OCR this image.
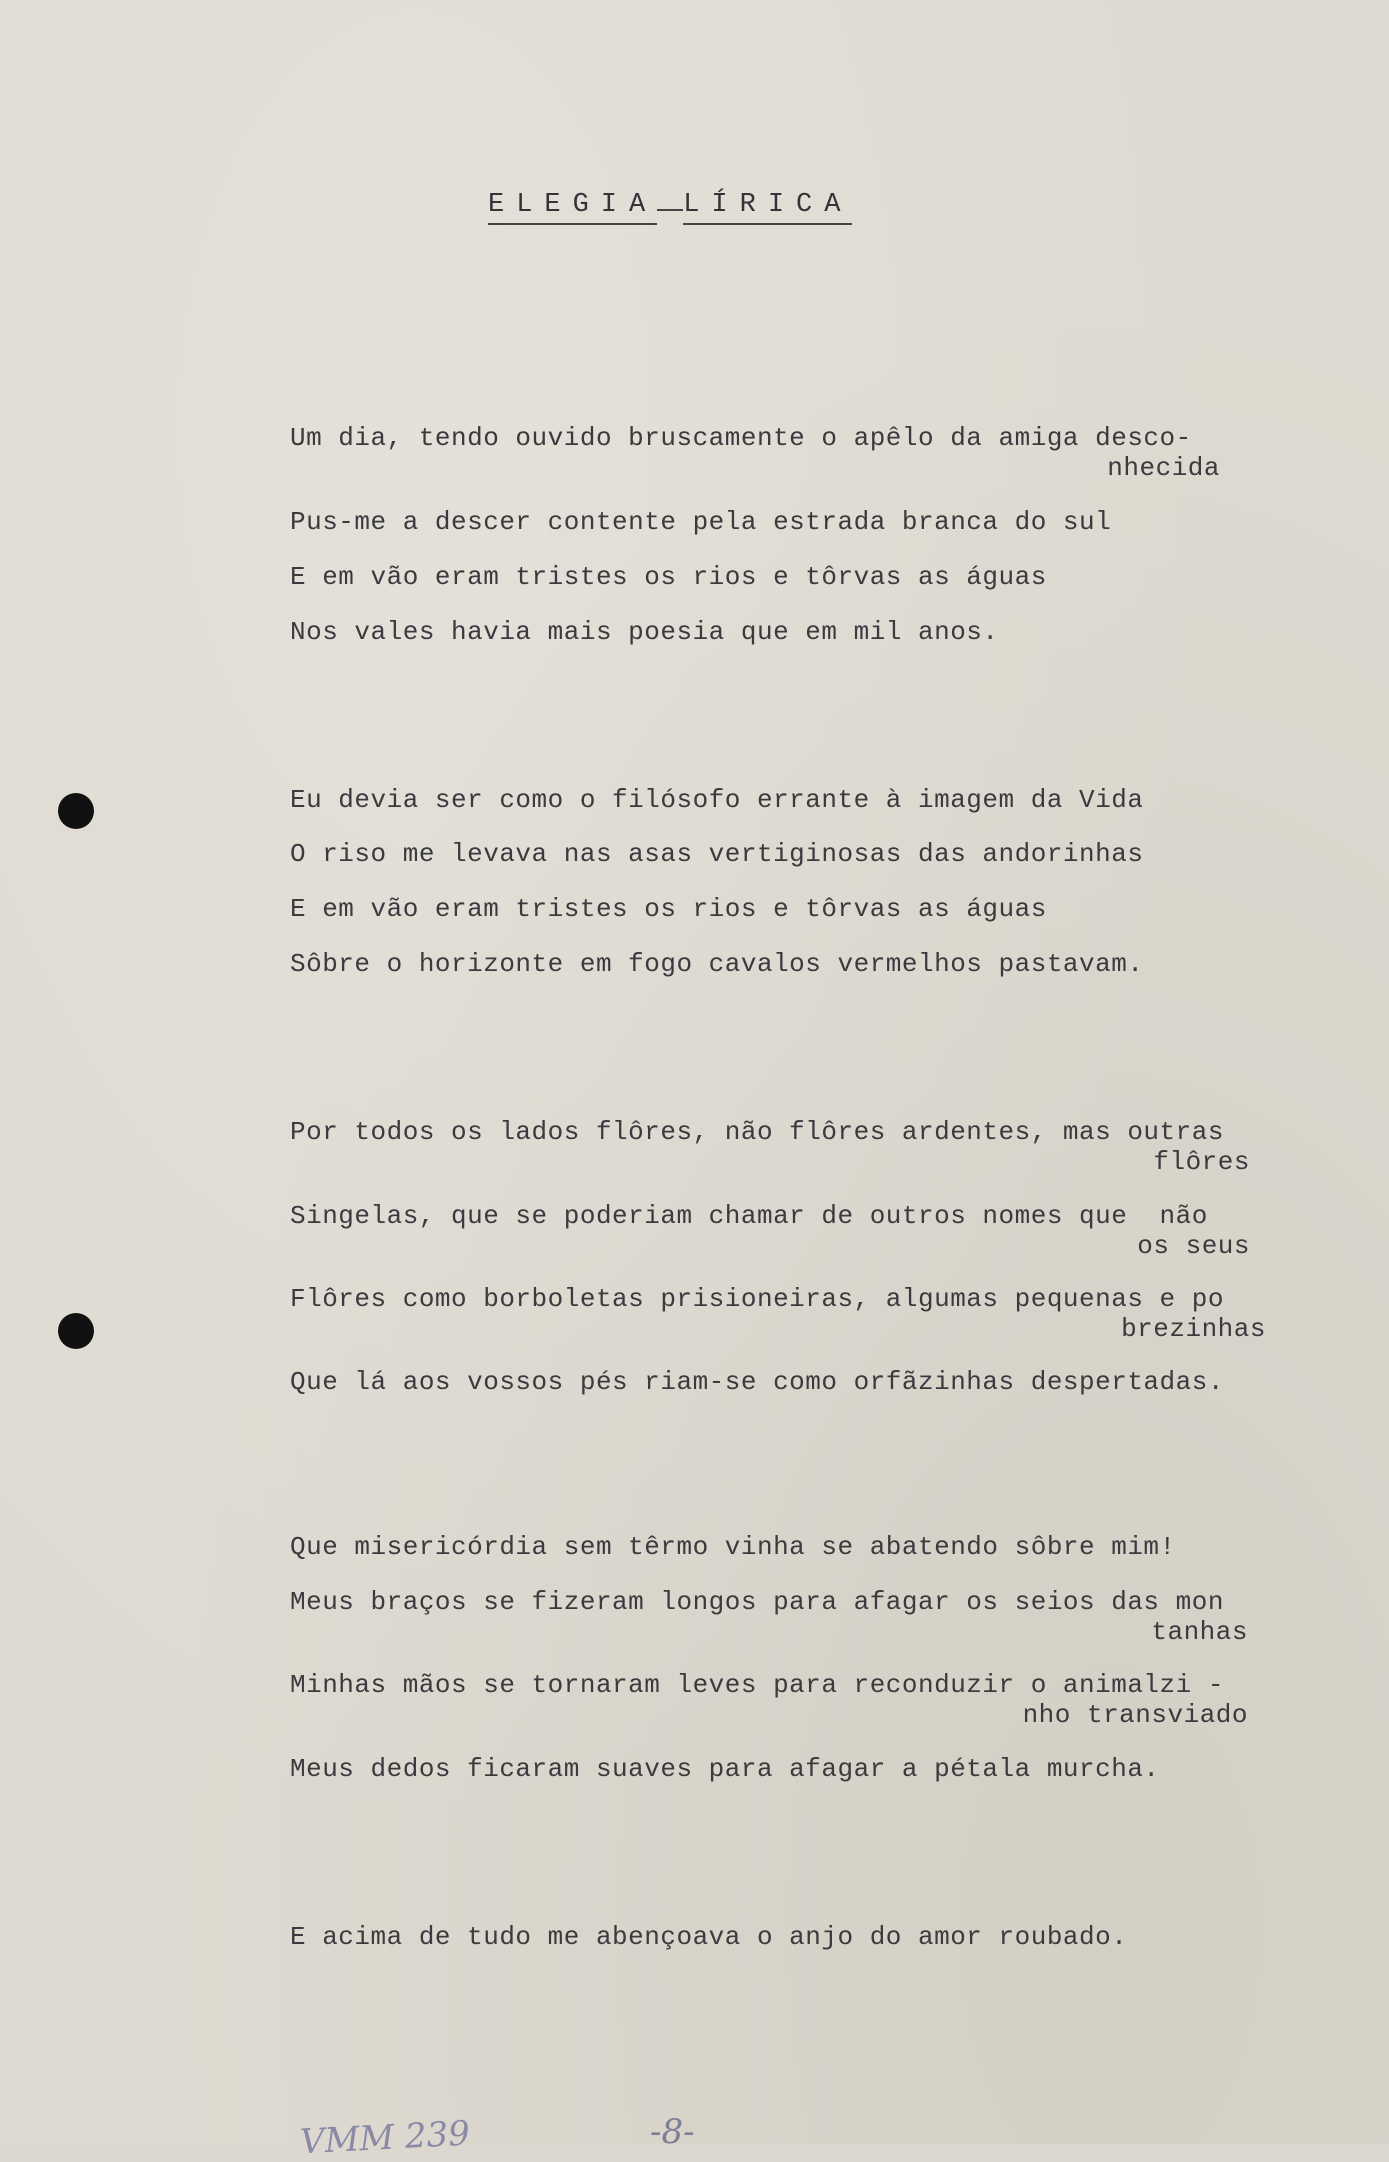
ELEGIA LÍRICA
Um dia, tendo ouvido bruscamente o apêlo da amiga desco-
nhecida
Pus-me a descer contente pela estrada branca do sul
E em vão eram tristes os rios e tôrvas as águas
Nos vales havia mais poesia que em mil anos.
Eu devia ser como o filósofo errante à imagem da Vida
O riso me levava nas asas vertiginosas das andorinhas
E em vão eram tristes os rios e tôrvas as águas
Sôbre o horizonte em fogo cavalos vermelhos pastavam.
Por todos os lados flôres, não flôres ardentes, mas outras
flôres
Singelas, que se poderiam chamar de outros nomes que  não
os seus
Flôres como borboletas prisioneiras, algumas pequenas e po
brezinhas
Que lá aos vossos pés riam-se como orfãzinhas despertadas.
Que misericórdia sem têrmo vinha se abatendo sôbre mim!
Meus braços se fizeram longos para afagar os seios das mon
tanhas
Minhas mãos se tornaram leves para reconduzir o animalzi -
nho transviado
Meus dedos ficaram suaves para afagar a pétala murcha.
E acima de tudo me abençoava o anjo do amor roubado.
VMM 239	-8-
